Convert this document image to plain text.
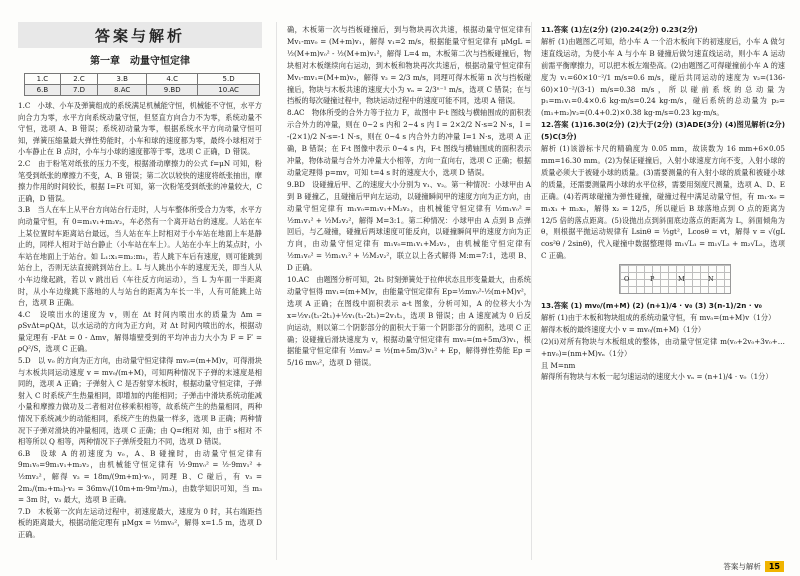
答案与解析
第一章　动量守恒定律
1.C	2.C	3.B	4.C	5.D
6.B	7.D	8.AC	9.BD	10.AC

1.C　小球、小车及弹簧组成的系统满足机械能守恒，机械能不守恒，水平方向合力为零，水平方向系统动量守恒，但竖直方向合力不为零，系统动量不守恒，选项 A、B 错误；系统初动量为零，根据系统水平方向动量守恒可知，弹簧压缩量最大弹性势能时，小车和球的速度都为零，最终小球相对于小车静止在 B 点时，小车与小球的速度都等于零，选项 C 正确，D 错误。

2.C　由于粉笔对纸张的压力不变，根据滑动摩擦力的公式 f=μN 可知，粉笔受到纸张的摩擦力不变，A、B 错误；第二次以较快的速度将纸张抽出，摩擦力作用的时间较长，根据 I=Ft 可知，第一次粉笔受到纸张的冲量较大，C 正确，D 错误。

3.B　当人在车上从平台方向站台行走时，人与车整体所受合力为零，水平方向动量守恒，有 0=m₁v₁+m₂v₂，车必然有一个离开站台的速度。人站在车上某位置时车距离站台最远，当人站在车上时相对于小车站在地面上车是静止的，同样人相对于站台静止（小车站在车上）。人站在小车上的某点时，小车站在地面上于站台。如 L₁:x₁=m₂:m₁，若人跳下车后有速度，则可能跳到站台上，否则无法直接跳到站台上。L 与人跳出小车的速度无关，即当人从小车边缘起跳，若以 v 跳出后（车往反方向运动），当 L 为车面一半距离时，从小车边缘跳下落地的人与站台的距离为车长一半，人有可能跳上站台，选项 B 正确。

4.C　设喷出水的速度为 v，则在 Δt 时间内喷出水的质量为 Δm = ρSvΔt=ρQΔt，以水运动的方向为正方向，对 Δt 时间内喷出的水，根据动量定理有 -FΔt = 0 - Δmv，解得墙壁受到的平均冲击力大小为 F = F′ = ρQ²/S，选项 C 正确。

5.D　以 v₀ 的方向为正方向，由动量守恒定律得 mv₀=(m+M)v，可得滑块与木板共同运动速度 v = mv₀/(m+M)，可知两种情况下子弹的末速度是相同的，选项 A 正确；子弹射入 C 是否射穿木板时，根据动量守恒定律，子弹射入 C 时系统产生热量相同，即增加的内能相同；子弹击中滑块系统动能减小量和摩擦力做功及二者相对位移乘积相等，故系统产生的热量相同，两种情况下系统减少的动能相同，系统产生的热量一样多，选项 B 正确；两种情况下子弹对滑块的冲量相同，选项 C 正确；由 Q=f相对 知，由于 s相对 不相等所以 Q 相等，两种情况下子弹所受阻力不同，选项 D 错误。

6.B　设球 A 的初速度为 v₀，A、B 碰撞时，由动量守恒定律有 9m₁v₀=9m₁v₁+m₂v₂，由机械能守恒定律有 ½·9mv₀² = ½·9mv₁² + ½mv₂²，解得 v₂ = 18m/(9m+m)·v₀，同理 B、C 碰后，有 v₃ = 2m₂/(m₂+m₃)·v₂ = 36mv₀/(10m+m·9m²/m₃)，由数学知识可知，当 m₃ = 3m 时，v₃ 最大，选项 B 正确。

7.D　木板第一次向左运动过程中，初速度最大，速度为 0 时，其右端距挡板的距离最大，根据动能定理有 μMgx = ½mv₀²，解得 x=1.5 m，选项 D 正确。

确，木板第一次与挡板碰撞后，到与物块再次共速，根据动量守恒定律有 Mv₁-mv₀ = (M+m)v₁，解得 v₁=2 m/s，根据能量守恒定律有 μMgL = ½(M+m)v₀² - ½(M+m)v₁²，解得 L=4 m，木板第二次与挡板碰撞后，物块相对木板继续向右运动，到木板和物块再次共速后，根据动量守恒定律有 Mv₁-mv₁=(M+m)v₂，解得 v₂ = 2/3 m/s，同理可得木板第 n 次与挡板碰撞后，物块与木板共速的速度大小为 vₙ = 2/3ⁿ⁻¹ m/s，选项 C 错误；在与挡板的每次碰撞过程中，物块运动过程中的速度可能不同，选项 A 错误。

8.AC　物体所受的合外力等于拉力 F，故图中 F-t 图线与横轴围成的面积表示合外力的冲量，则在 0~2 s 内和 2~4 s 内 I = 2×2/2 N·s=2 N·s，I = -(2×1)/2 N·s=-1 N·s，则在 0~4 s 内合外力的冲量 I=1 N·s，选项 A 正确，B 错误；在 F-t 图像中表示 0~4 s 内，F-t 图线与横轴围成的面积表示冲量，物体动量与合外力冲量大小相等，方向一直向右，选项 C 正确；根据动量定理得 p=mv，可知 t=4 s 时的速度大小，选项 D 错误。

9.BD　设碰撞后甲、乙的速度大小分别为 v₁、v₂。第一种情况：小球甲由 A 到 B 碰撞乙，且碰撞后甲向左运动，以碰撞瞬间甲的速度方向为正方向，由动量守恒定律有 m₁v₀=m₁v₁+M₂v₂，由机械能守恒定律有 ½m₁v₀² = ½m₁v₁² + ½M₂v₂²，解得 M=3:1。第二种情况：小球甲由 A 点到 B 点弹回后，与乙碰撞，碰撞后两球速度可能反向，以碰撞瞬间甲的速度方向为正方向，由动量守恒定律有 m₁v₀=m₁v₁+M₂v₂，由机械能守恒定律有 ½m₁v₀² = ½m₁v₁² + ½M₂v₂²，联立以上各式解得 M:m=7:1，选项 B、D 正确。

10.AC　由题图分析可知，2t₁ 时刻弹簧处于拉伸状态且形变量最大，由系统动量守恒得 mv₁=(m+M)v，由能量守恒定律有 Ep=½mv₀²-½(m+M)v²，选项 A 正确；在图线中面积表示 a-t 图象，分析可知，A 的位移大小为 x=½v₁(t₁-2t₁)+½v₁(t₁-2t₁)=2v₁t₁，选项 B 错误；由 A 速度减为 0 后反向运动，则以第二个阴影部分的面积大于第一个阴影部分的面积，选项 C 正确；设碰撞后滑块速度为 v，根据动量守恒定律有 mv₀=(m+5m/3)v₁，根据能量守恒定律有 ½mv₀² = ½(m+5m/3)v₁² + Ep，解得弹性势能 Ep = 5/16 mv₀²，选项 D 错误。

11.答案 (1)左(2分) (2)0.24(2分) 0.23(2分)

解析 (1)由题图乙可知，给小车 A 一个沿木板向下的初速度后，小车 A 做匀速直线运动，为使小车 A 与小车 B 碰撞后做匀速直线运动，则小车 A 运动前需平衡摩擦力，可以把木板左端垫高。(2)由题图乙可得碰撞前小车 A 的速度为 v₁=60×10⁻²/1 m/s=0.6 m/s，碰后共同运动的速度为 v₂=(136-60)×10⁻²/(3-1) m/s=0.38 m/s，所以碰前系统的总动量为 p₁=m₁v₁=0.4×0.6 kg·m/s=0.24 kg·m/s，碰后系统的总动量为 p₂=(m₁+m₂)v₂=(0.4+0.2)×0.38 kg·m/s=0.23 kg·m/s。

12.答案 (1)16.30(2分) (2)大于(2分) (3)ADE(3分) (4)图见解析(2分) (5)C(3分)

解析 (1)该游标卡尺的精确度为 0.05 mm，故读数为 16 mm+6×0.05 mm=16.30 mm。(2)为保证碰撞后，入射小球速度方向不变，入射小球的质量必须大于被碰小球的质量。(3)需要测量的有入射小球的质量和被碰小球的质量，还需要测量两小球的水平位移，需要用刻度尺测量，选项 A、D、E 正确。(4)若两球碰撞为弹性碰撞，碰撞过程中满足动量守恒，有 m₁·x₀ = m₁x₁ + m₂x₂，解得 x₂ = 12/5，所以碰后 B 球落地点到 O 点的距离为 12/5 倍的落点距离。(5)设抛出点到斜面底边落点的距离为 L，斜面倾角为 θ，则根据平抛运动规律有 Lsinθ = ½gt²，Lcosθ = vt，解得 v = √(gL cos²θ / 2sinθ)，代入碰撞中数据整理得 m₁√L₁ = m₁√L₂ + m₂√L₃，选项 C 正确。

O	P	M	N

13.答案 (1) mv₀/(m+M) (2) (n+1)/4 · v₀ (3) 3(n-1)/2n · v₀

解析 (1)由于木板和物块组成的系统动量守恒，有 mv₀=(m+M)v（1分）

解得木板的最终速度大小 v = mv₀/(m+M)（1分）

(2)(i)对所有物块与木板组成的整体，由动量守恒定律 m(v₀+2v₀+3v₀+…+nv₀)=(nm+M)vₙ（1分）

且 M=nm

解得所有物块与木板一起匀速运动的速度大小 vₙ = (n+1)/4 · v₀（1分）

答案与解析	15
